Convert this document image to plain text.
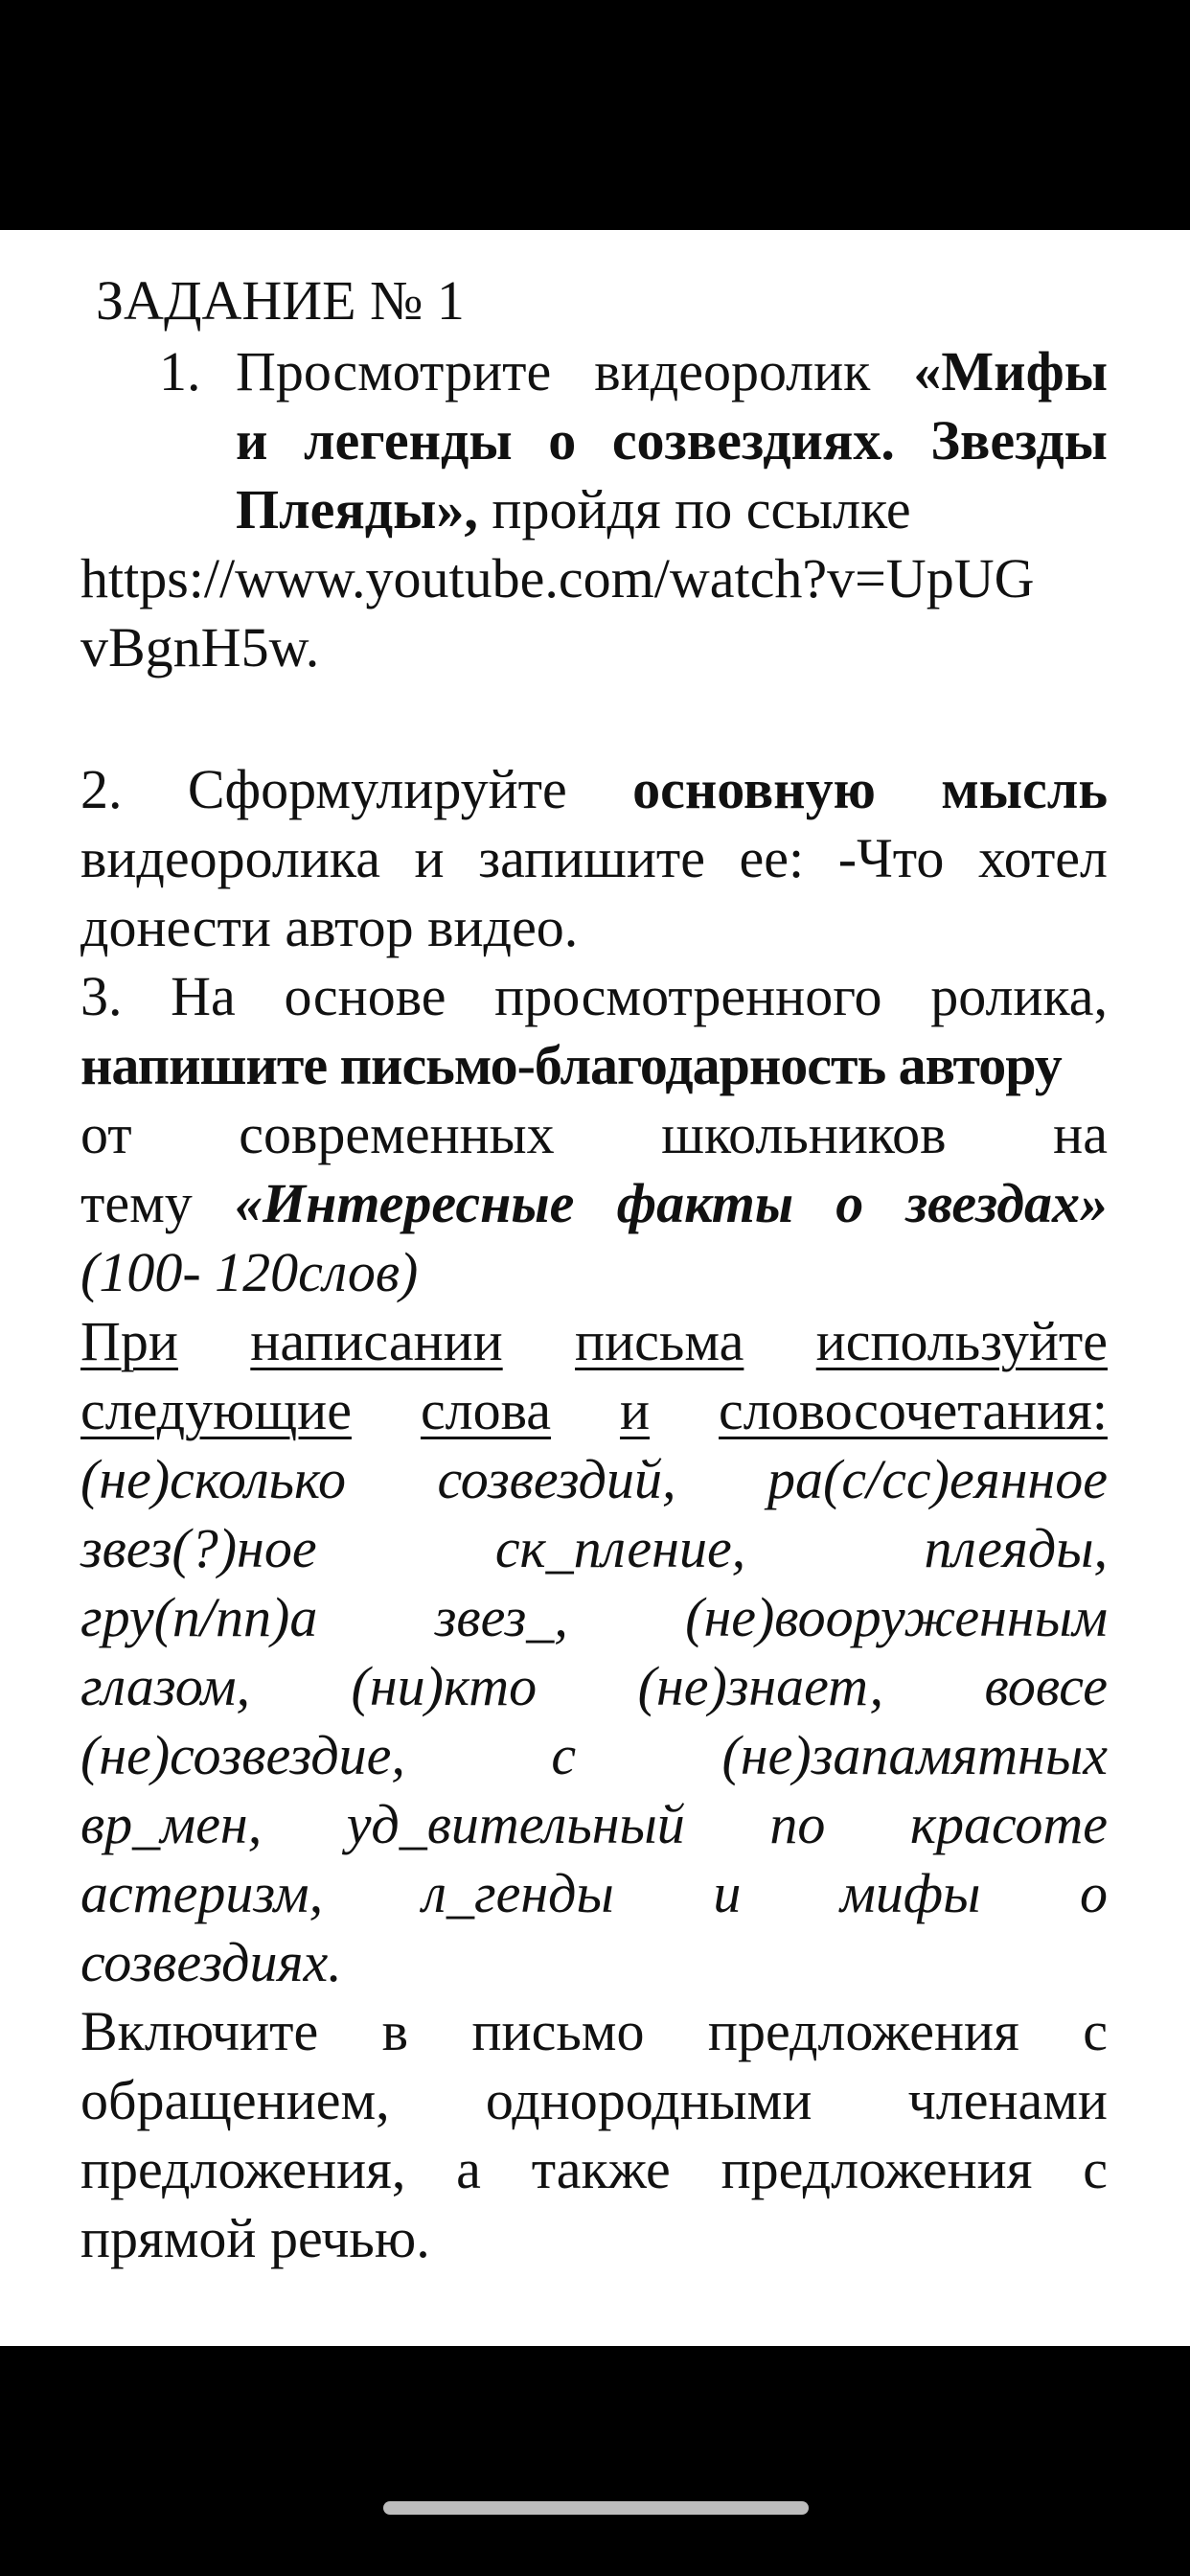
ЗАДАНИЕ № 1
1. Просмотрите видеоролик «Мифы
и легенды о созвездиях. Звезды
Плеяды», пройдя по ссылке
https://www.youtube.com/watch?v=UpUG
vBgnH5w.
2. Сформулируйте основную мысль
видеоролика и запишите ее: -Что хотел
донести автор видео.
3. На основе просмотренного ролика,
напишите письмо-благодарность автору
от современных школьников на
тему «Интересные факты о звездах»
(100- 120слов)
При написании письма используйте
следующие слова и словосочетания:
(не)сколько созвездий, ра(с/сс)еянное
звез(?)ное	ск_пление,	плеяды,
гру(п/пп)а звез_, (не)вооруженным
глазом, (ни)кто (не)знает, вовсе
(не)созвездие,	с	(не)запамятных
вр_мен, уд_вительный по красоте
астеризм, л_генды и мифы о
созвездиях.
Включите в письмо предложения с
обращением, однородными членами
предложения, а также предложения с
прямой речью.
